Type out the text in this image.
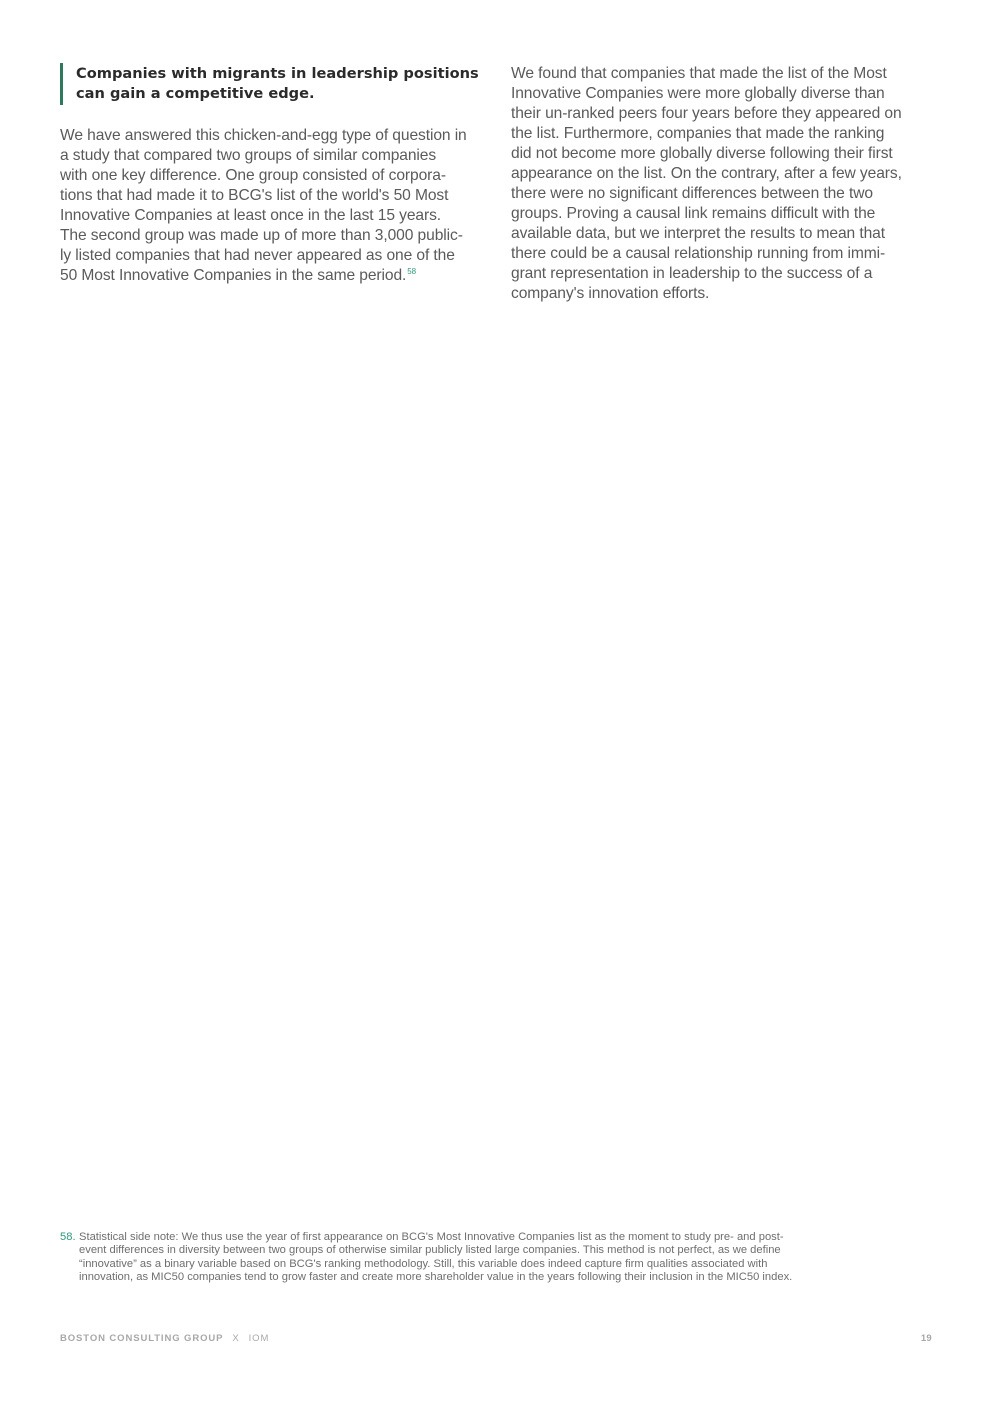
Companies with migrants in leadership positions
can gain a competitive edge.

We have answered this chicken-and-egg type of question in
a study that compared two groups of similar companies
with one key difference. One group consisted of corpora-
tions that had made it to BCG's list of the world's 50 Most
Innovative Companies at least once in the last 15 years.
The second group was made up of more than 3,000 public-
ly listed companies that had never appeared as one of the
50 Most Innovative Companies in the same period.$^{58}$

We found that companies that made the list of the Most
Innovative Companies were more globally diverse than
their un-ranked peers four years before they appeared on
the list. Furthermore, companies that made the ranking
did not become more globally diverse following their first
appearance on the list. On the contrary, after a few years,
there were no significant differences between the two
groups. Proving a causal link remains difficult with the
available data, but we interpret the results to mean that
there could be a causal relationship running from immi-
grant representation in leadership to the success of a
company's innovation efforts.

58. Statistical side note: We thus use the year of first appearance on BCG's Most Innovative Companies list as the moment to study pre- and post-
event differences in diversity between two groups of otherwise similar publicly listed large companies. This method is not perfect, as we define
“innovative” as a binary variable based on BCG's ranking methodology. Still, this variable does indeed capture firm qualities associated with
innovation, as MIC50 companies tend to grow faster and create more shareholder value in the years following their inclusion in the MIC50 index.
BOSTON CONSULTING GROUP X IOM	19
